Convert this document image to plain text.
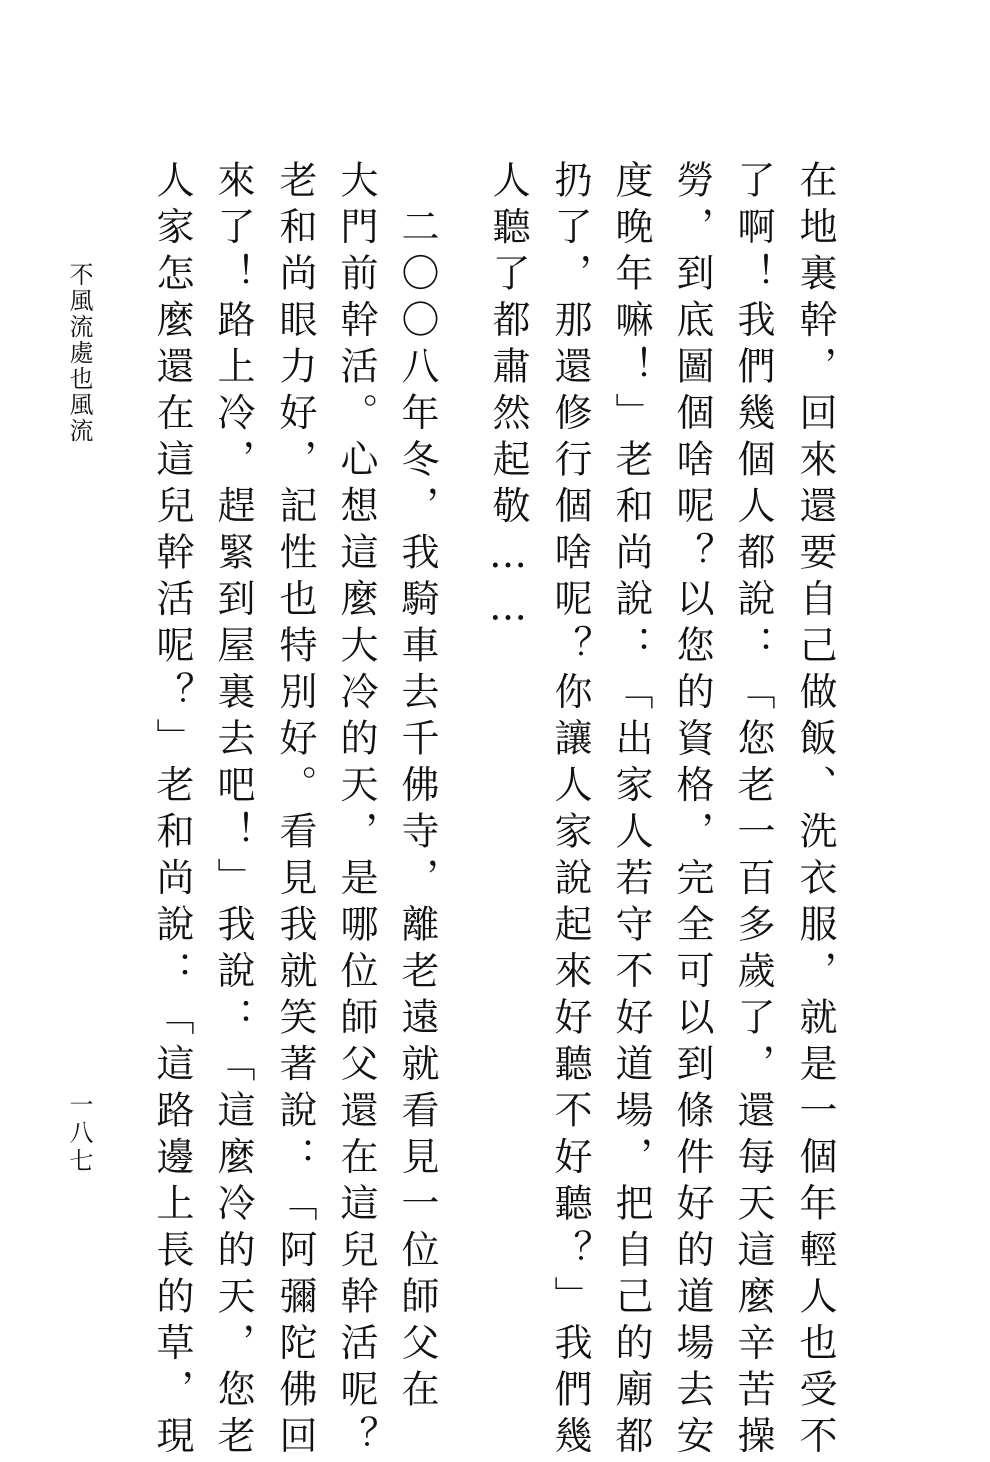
在地裏幹，回來還要自己做飯、洗衣服，就是一個年輕人也受不
了啊！我們幾個人都說：「您老一百多歲了，還每天這麼辛苦操
勞，到底圖個啥呢？以您的資格，完全可以到條件好的道場去安
度晚年嘛！」老和尚說：「出家人若守不好道場，把自己的廟都
扔了，那還修行個啥呢？你讓人家說起來好聽不好聽？」我們幾
人聽了都肅然起敬……
　二〇〇八年冬，我騎車去千佛寺，離老遠就看見一位師父在
大門前幹活。心想這麼大冷的天，是哪位師父還在這兒幹活呢？
老和尚眼力好，記性也特別好。看見我就笑著說：「阿彌陀佛回
來了！路上冷，趕緊到屋裏去吧！」我說：「這麼冷的天，您老
人家怎麼還在這兒幹活呢？」老和尚說：「這路邊上長的草，現
不風流處也風流
一八七
